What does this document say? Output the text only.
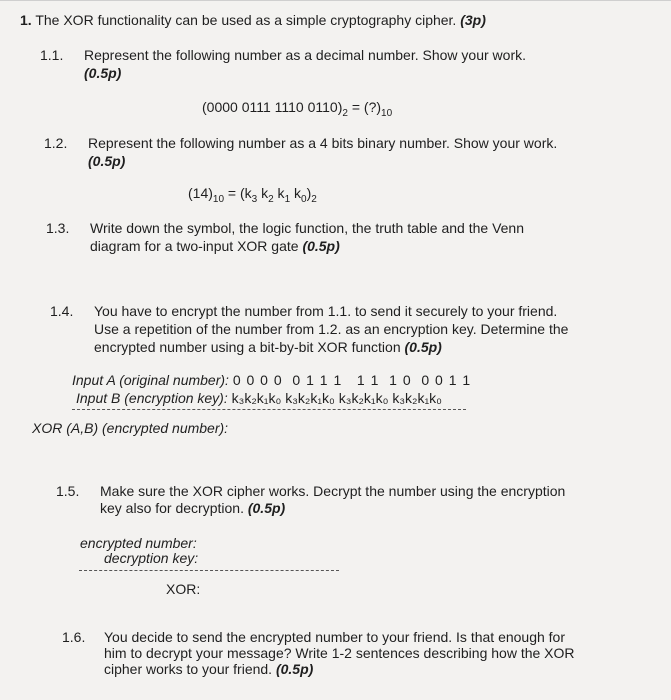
1. The XOR functionality can be used as a simple cryptography cipher. (3p)
1.1. Represent the following number as a decimal number. Show your work.
(0.5p)
(0000 0111 1110 $0110)_2$ = $(?)_{10}$
1.2. Represent the following number as a 4 bits binary number. Show your work.
(0.5p)
$(14)_{10} = (k_3$ $k_2$ $k_1$ $k_0)_2$
1.3. Write down the symbol, the logic function, the truth table and the Venn
diagram for a two-input XOR gate (0.5p)
1.4. You have to encrypt the number from 1.1. to send it securely to your friend.
Use a repetition of the number from 1.2. as an encryption key. Determine the
encrypted number using a bit-by-bit XOR function (0.5p)
Input A (original number): 0 0 0 0  0 1 1 1   1 1  1 0  0 0 1 1
Input B (encryption key): k₃k₂k₁k₀ k₃k₂k₁k₀ k₃k₂k₁k₀ k₃k₂k₁k₀
XOR (A,B) (encrypted number):
1.5. Make sure the XOR cipher works. Decrypt the number using the encryption
key also for decryption. (0.5p)
encrypted number:
decryption key:
XOR:
1.6. You decide to send the encrypted number to your friend. Is that enough for
him to decrypt your message? Write 1-2 sentences describing how the XOR
cipher works to your friend. (0.5p)
